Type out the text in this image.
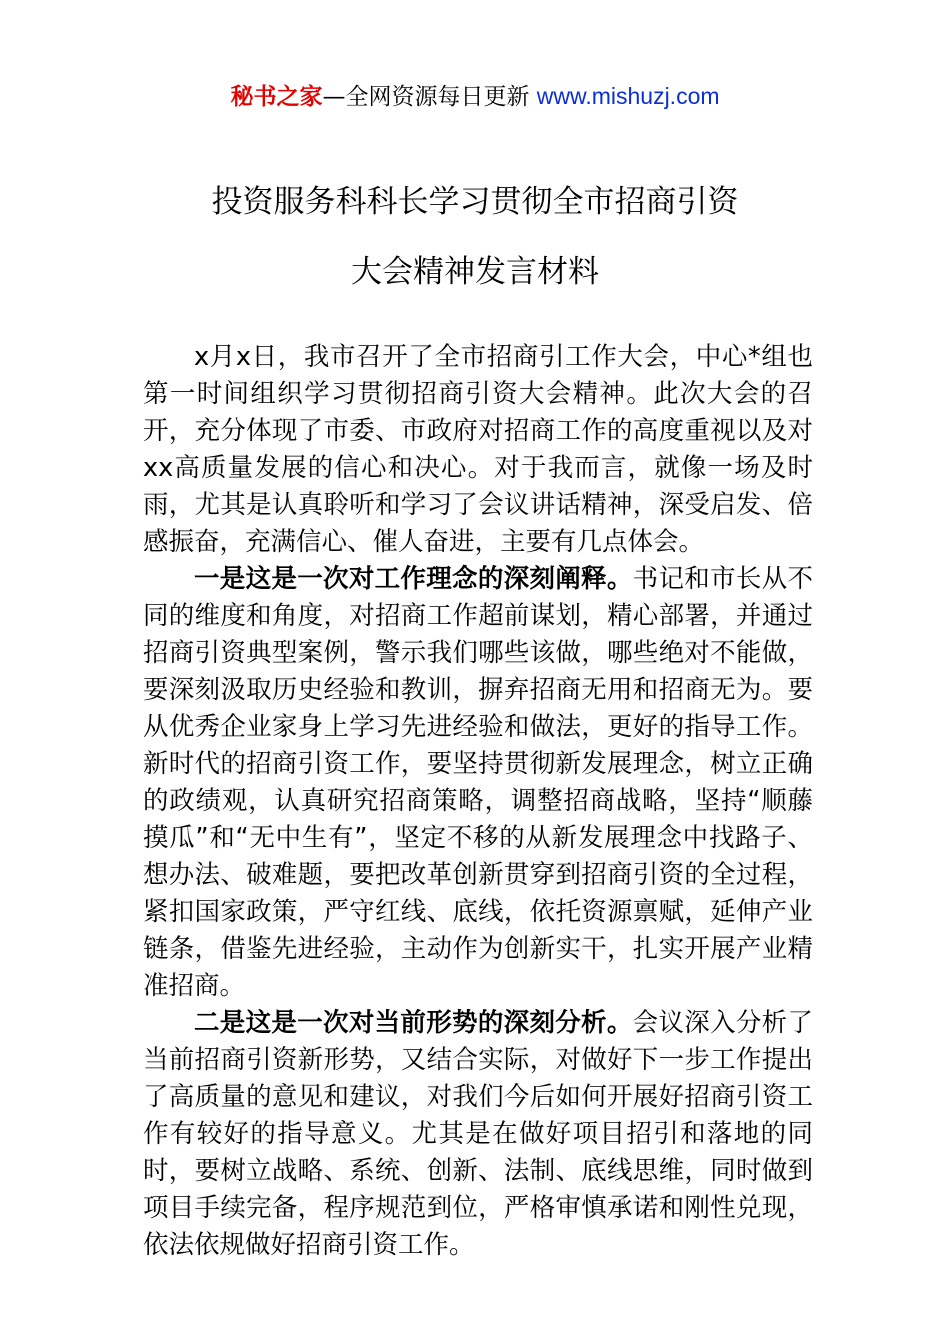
秘书之家—全网资源每日更新 www.mishuzj.com
投资服务科科长学习贯彻全市招商引资
大会精神发言材料

x月x日，我市召开了全市招商引工作大会，中心*组也第一时间组织学习贯彻招商引资大会精神。此次大会的召开，充分体现了市委、市政府对招商工作的高度重视以及对xx高质量发展的信心和决心。对于我而言，就像一场及时雨，尤其是认真聆听和学习了会议讲话精神，深受启发、倍感振奋，充满信心、催人奋进，主要有几点体会。

一是这是一次对工作理念的深刻阐释。书记和市长从不同的维度和角度，对招商工作超前谋划，精心部署，并通过招商引资典型案例，警示我们哪些该做，哪些绝对不能做，要深刻汲取历史经验和教训，摒弃招商无用和招商无为。要从优秀企业家身上学习先进经验和做法，更好的指导工作。新时代的招商引资工作，要坚持贯彻新发展理念，树立正确的政绩观，认真研究招商策略，调整招商战略，坚持“顺藤摸瓜”和“无中生有”，坚定不移的从新发展理念中找路子、想办法、破难题，要把改革创新贯穿到招商引资的全过程，紧扣国家政策，严守红线、底线，依托资源禀赋，延伸产业链条，借鉴先进经验，主动作为创新实干，扎实开展产业精准招商。

二是这是一次对当前形势的深刻分析。会议深入分析了当前招商引资新形势，又结合实际，对做好下一步工作提出了高质量的意见和建议，对我们今后如何开展好招商引资工作有较好的指导意义。尤其是在做好项目招引和落地的同时，要树立战略、系统、创新、法制、底线思维，同时做到项目手续完备，程序规范到位，严格审慎承诺和刚性兑现，依法依规做好招商引资工作。
